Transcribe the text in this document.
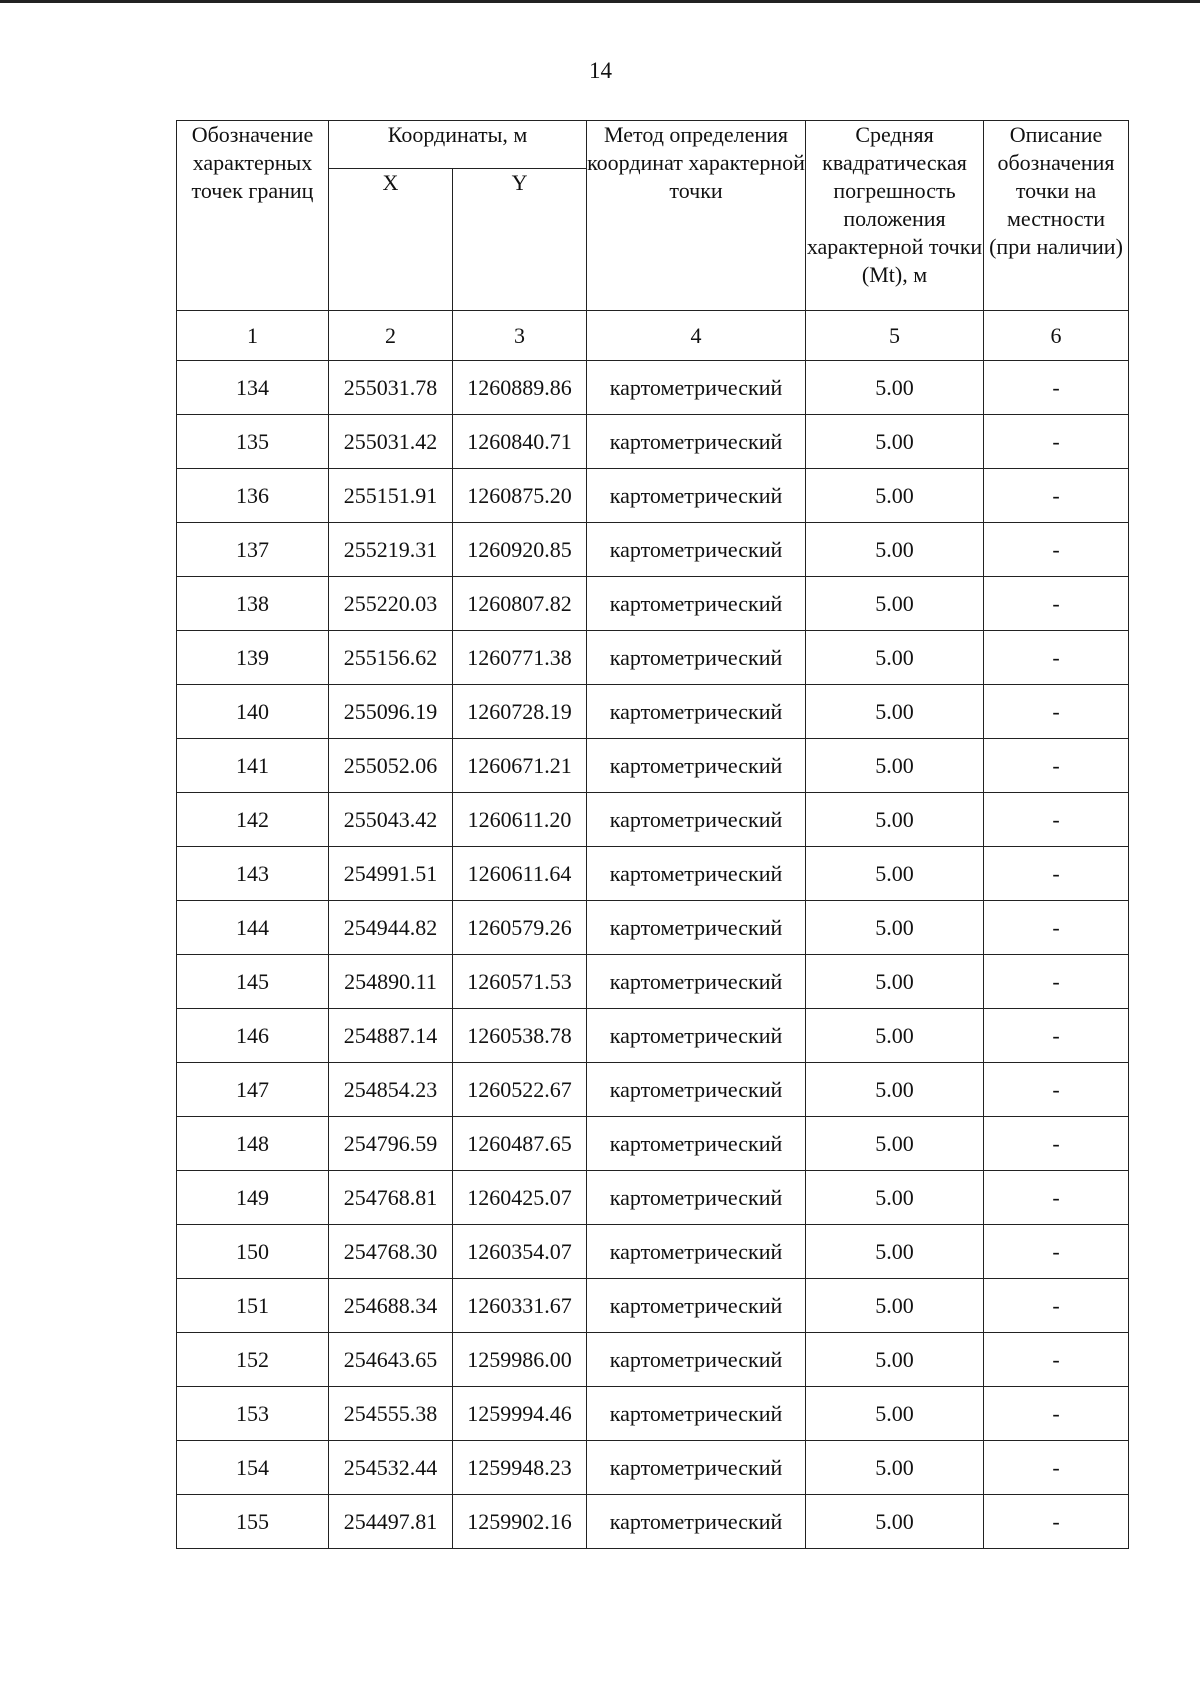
14
Обозначение характерных точек границ	Координаты, м		Метод определения координат характерной точки	Средняя квадратическая погрешность положения характерной точки (Mt), м	Описание обозначения точки на местности (при наличии)
	X	Y			
1	2	3	4	5	6
134	255031.78	1260889.86	картометрический	5.00	-
135	255031.42	1260840.71	картометрический	5.00	-
136	255151.91	1260875.20	картометрический	5.00	-
137	255219.31	1260920.85	картометрический	5.00	-
138	255220.03	1260807.82	картометрический	5.00	-
139	255156.62	1260771.38	картометрический	5.00	-
140	255096.19	1260728.19	картометрический	5.00	-
141	255052.06	1260671.21	картометрический	5.00	-
142	255043.42	1260611.20	картометрический	5.00	-
143	254991.51	1260611.64	картометрический	5.00	-
144	254944.82	1260579.26	картометрический	5.00	-
145	254890.11	1260571.53	картометрический	5.00	-
146	254887.14	1260538.78	картометрический	5.00	-
147	254854.23	1260522.67	картометрический	5.00	-
148	254796.59	1260487.65	картометрический	5.00	-
149	254768.81	1260425.07	картометрический	5.00	-
150	254768.30	1260354.07	картометрический	5.00	-
151	254688.34	1260331.67	картометрический	5.00	-
152	254643.65	1259986.00	картометрический	5.00	-
153	254555.38	1259994.46	картометрический	5.00	-
154	254532.44	1259948.23	картометрический	5.00	-
155	254497.81	1259902.16	картометрический	5.00	-
